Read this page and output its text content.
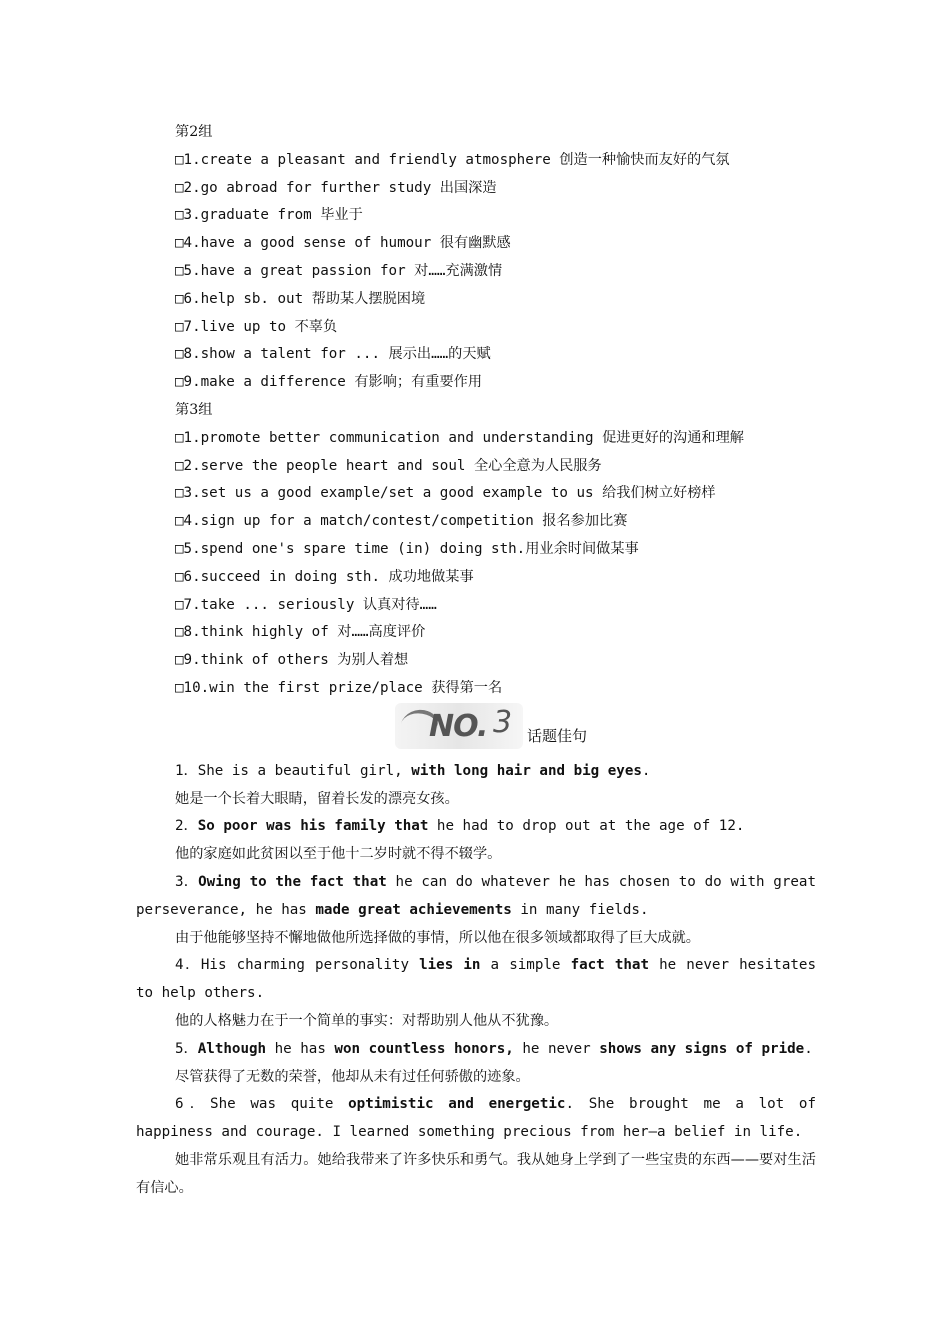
第2组
□1.create a pleasant and friendly atmosphere 创造一种愉快而友好的气氛
□2.go abroad for further study 出国深造
□3.graduate from 毕业于
□4.have a good sense of humour 很有幽默感
□5.have a great passion for 对……充满激情
□6.help sb. out 帮助某人摆脱困境
□7.live up to 不辜负
□8.show a talent for ... 展示出……的天赋
□9.make a difference 有影响；有重要作用
第3组
□1.promote better communication and understanding 促进更好的沟通和理解
□2.serve the people heart and soul 全心全意为人民服务
□3.set us a good example/set a good example to us 给我们树立好榜样
□4.sign up for a match/contest/competition 报名参加比赛
□5.spend one's spare time (in) doing sth.用业余时间做某事
□6.succeed in doing sth. 成功地做某事
□7.take ... seriously 认真对待……
□8.think highly of 对……高度评价
□9.think of others 为别人着想
□10.win the first prize/place 获得第一名
NO. 3 话题佳句
1．She is a beautiful girl, with long hair and big eyes.
她是一个长着大眼睛，留着长发的漂亮女孩。
2．So poor was his family that he had to drop out at the age of 12.
他的家庭如此贫困以至于他十二岁时就不得不辍学。
3．Owing to the fact that he can do whatever he has chosen to do with great perseverance, he has made great achievements in many fields.
由于他能够坚持不懈地做他所选择做的事情，所以他在很多领域都取得了巨大成就。
4．His charming personality lies in a simple fact that he never hesitates to help others.
他的人格魅力在于一个简单的事实：对帮助别人他从不犹豫。
5．Although he has won countless honors, he never shows any signs of pride.
尽管获得了无数的荣誉，他却从未有过任何骄傲的迹象。
6．She was quite optimistic and energetic. She brought me a lot of happiness and courage. I learned something precious from her—a belief in life.
她非常乐观且有活力。她给我带来了许多快乐和勇气。我从她身上学到了一些宝贵的东西——要对生活有信心。
